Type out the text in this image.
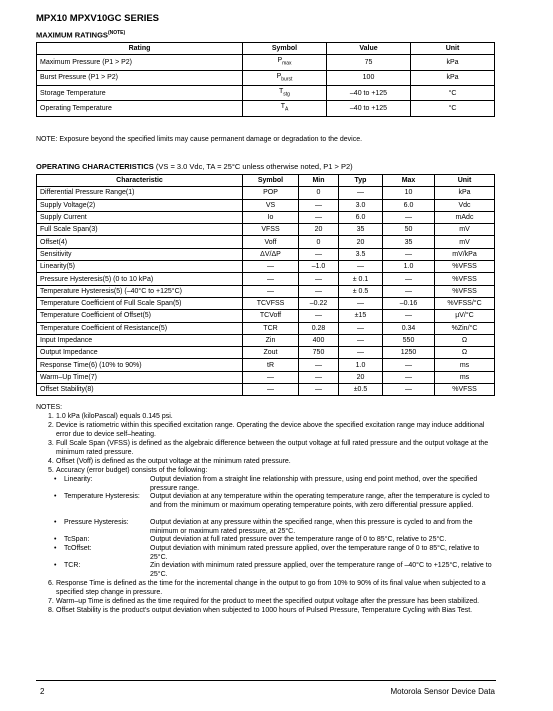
MPX10 MPXV10GC SERIES
MAXIMUM $RATINGS^{(NOTE)}$
Rating	Symbol	Value	Unit
Maximum Pressure (P1 > P2)	$P_{max}$	75	kPa
Burst Pressure (P1 > P2)	$P_{burst}$	100	kPa
Storage Temperature	$T_{stg}$	–40 to +125	°C
Operating Temperature	$T_A$	–40 to +125	°C
NOTE: Exposure beyond the specified limits may cause permanent damage or degradation to the device.
OPERATING CHARACTERISTICS (VS = 3.0 Vdc, TA = 25°C unless otherwise noted, P1 > P2)
Characteristic	Symbol	Min	Typ	Max	Unit
Differential Pressure Range(1)	POP	0	—	10	kPa
Supply Voltage(2)	VS	—	3.0	6.0	Vdc
Supply Current	Io	—	6.0	—	mAdc
Full Scale Span(3)	VFSS	20	35	50	mV
Offset(4)	Voff	0	20	35	mV
Sensitivity	ΔV/ΔP	—	3.5	—	mV/kPa
Linearity(5)	—	–1.0	—	1.0	%VFSS
Pressure Hysteresis(5) (0 to 10 kPa)	—	—	± 0.1	—	%VFSS
Temperature Hysteresis(5) (–40°C to +125°C)	—	—	± 0.5	—	%VFSS
Temperature Coefficient of Full Scale Span(5)	TCVFSS	–0.22	—	–0.16	%VFSS/°C
Temperature Coefficient of Offset(5)	TCVoff	—	±15	—	µV/°C
Temperature Coefficient of Resistance(5)	TCR	0.28	—	0.34	%Zin/°C
Input Impedance	Zin	400	—	550	Ω
Output Impedance	Zout	750	—	1250	Ω
Response Time(6) (10% to 90%)	tR	—	1.0	—	ms
Warm–Up Time(7)	—	—	20	—	ms
Offset Stability(8)	—	—	±0.5	—	%VFSS
NOTES:
1. 1.0 kPa (kiloPascal) equals 0.145 psi.
2. Device is ratiometric within this specified excitation range. Operating the device above the specified excitation range may induce additional error due to device self–heating.
3. Full Scale Span (VFSS) is defined as the algebraic difference between the output voltage at full rated pressure and the output voltage at the minimum rated pressure.
4. Offset (Voff) is defined as the output voltage at the minimum rated pressure.
5. Accuracy (error budget) consists of the following:
• Linearity:	Output deviation from a straight line relationship with pressure, using end point method, over the specified pressure range.
• Temperature Hysteresis: Output deviation at any temperature within the operating temperature range, after the temperature is cycled to and from the minimum or maximum operating temperature points, with zero differential pressure applied.
• Pressure Hysteresis:	Output deviation at any pressure within the specified range, when this pressure is cycled to and from the minimum or maximum rated pressure, at 25°C.
• TcSpan:	Output deviation at full rated pressure over the temperature range of 0 to 85°C, relative to 25°C.
• TcOffset:	Output deviation with minimum rated pressure applied, over the temperature range of 0 to 85°C, relative to 25°C.
• TCR:	Zin deviation with minimum rated pressure applied, over the temperature range of –40°C to +125°C, relative to 25°C.
6. Response Time is defined as the time for the incremental change in the output to go from 10% to 90% of its final value when subjected to a specified step change in pressure.
7. Warm–up Time is defined as the time required for the product to meet the specified output voltage after the pressure has been stabilized.
8. Offset Stability is the product's output deviation when subjected to 1000 hours of Pulsed Pressure, Temperature Cycling with Bias Test.
2	Motorola Sensor Device Data
